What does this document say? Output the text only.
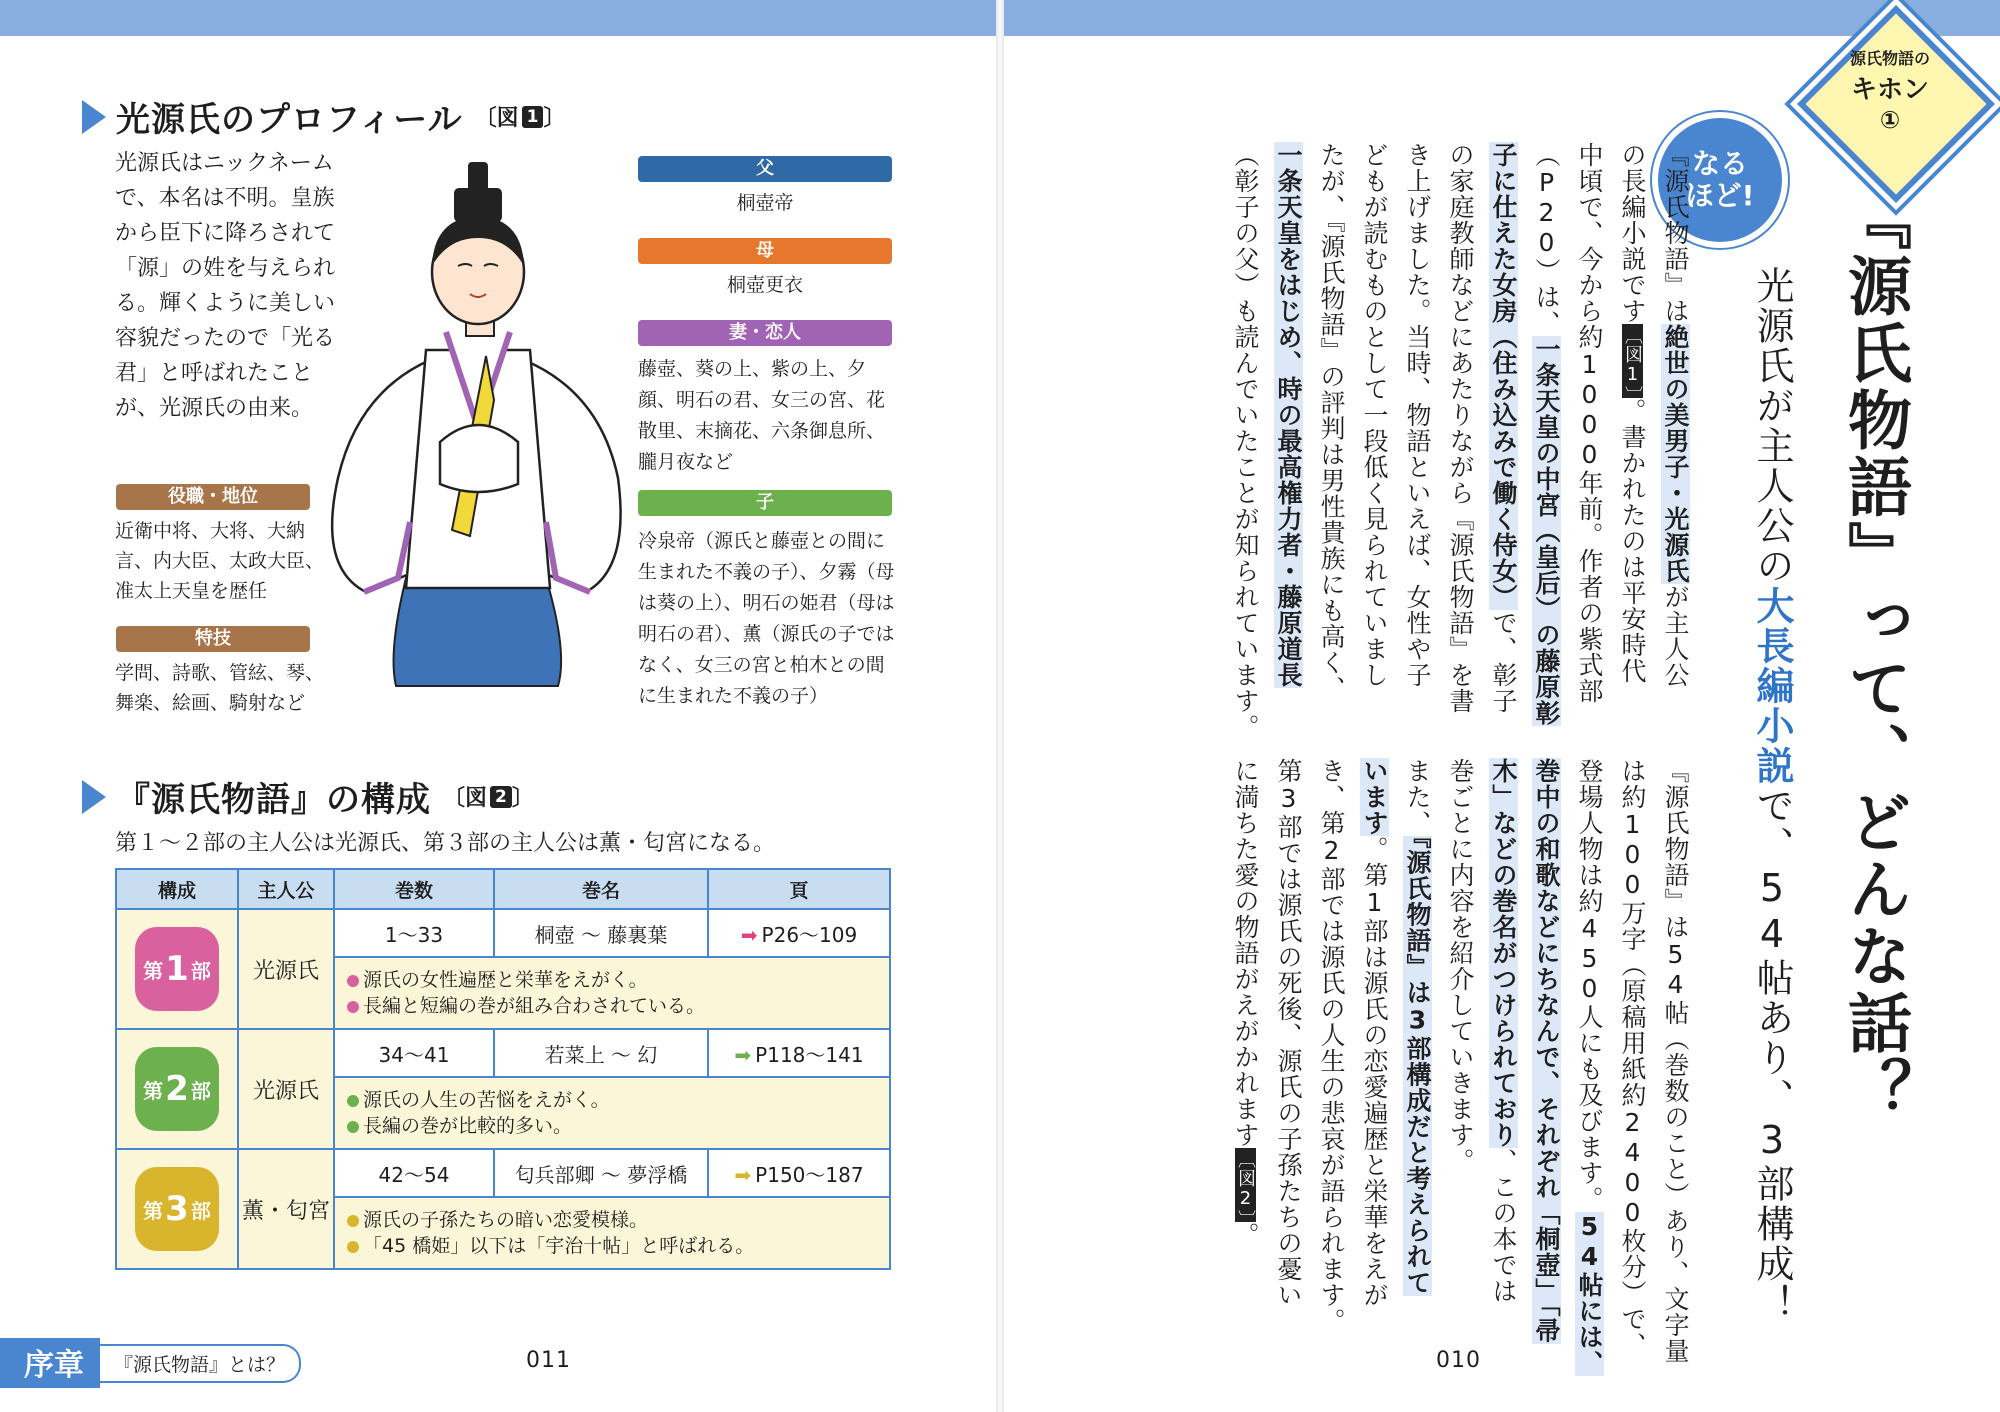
光源氏のプロフィール 〔 図 1 〕
光源氏はニックネームで、本名は不明。皇族から臣下に降ろされて「源」の姓を与えられる。輝くように美しい容貌だったので「光る君」と呼ばれたことが、光源氏の由来。
役職・地位
近衛中将、大将、大納言、内大臣、太政大臣、准太上天皇を歴任
特技
学問、詩歌、管絃、琴、舞楽、絵画、騎射など
父
桐壺帝
母
桐壺更衣
妻・恋人
藤壺、葵の上、紫の上、夕顔、明石の君、女三の宮、花散里、末摘花、六条御息所、朧月夜など
子
冷泉帝（源氏と藤壺との間に生まれた不義の子）、夕霧（母は葵の上）、明石の姫君（母は明石の君）、薫（源氏の子ではなく、女三の宮と柏木との間に生まれた不義の子）
『源氏物語』の構成 〔 図 2 〕
第１～２部の主人公は光源氏、第３部の主人公は薫・匂宮になる。
構成	主人公	巻数	巻名	頁

第 1 部	光源氏	1～33	桐壺 ～ 藤裏葉	➡ P26～109

		源氏の女性遍歴と栄華をえがく。
長編と短編の巻が組み合わされている。		

第 2 部	光源氏	34～41	若菜上 ～ 幻	➡ P118～141

		源氏の人生の苦悩をえがく。
長編の巻が比較的多い。		

第 3 部	薫・匂宮	42～54	匂兵部卿 ～ 夢浮橋	➡ P150～187

		源氏の子孫たちの暗い恋愛模様。
「45 橋姫」以下は「宇治十帖」と呼ばれる。		
序章	『源氏物語』とは？	011
源氏物語の
キホン
①
なる
ほど! 『源氏物語』って、どんな話？
光源氏が主人公の大長編小説で、54帖あり、3部構成！
『源氏物語』は絶世の美男子・光源氏が主人公
の長編小説です〔図1〕。書かれたのは平安時代
中頃で、今から約1000年前。作者の紫式部
（P20）は、一条天皇の中宮（皇后）の藤原彰
子に仕えた女房（住み込みで働く侍女）で、彰子
の家庭教師などにあたりながら『源氏物語』を書
き上げました。当時、物語といえば、女性や子
どもが読むものとして一段低く見られていまし
たが、『源氏物語』の評判は男性貴族にも高く、
一条天皇をはじめ、時の最高権力者・藤原道長
（彰子の父）も読んでいたことが知られています。
『源氏物語』は54帖（巻数のこと）あり、文字量
は約100万字（原稿用紙約2400枚分）で、
登場人物は約450人にも及びます。54帖には、
巻中の和歌などにちなんで、それぞれ「桐壺」「帚
木」などの巻名がつけられており、この本では
巻ごとに内容を紹介していきます。
また、『源氏物語』は3部構成だと考えられて
います。第1部は源氏の恋愛遍歴と栄華をえが
き、第2部では源氏の人生の悲哀が語られます。
第3部では源氏の死後、源氏の子孫たちの憂い
に満ちた愛の物語がえがかれます〔図2〕。
010
